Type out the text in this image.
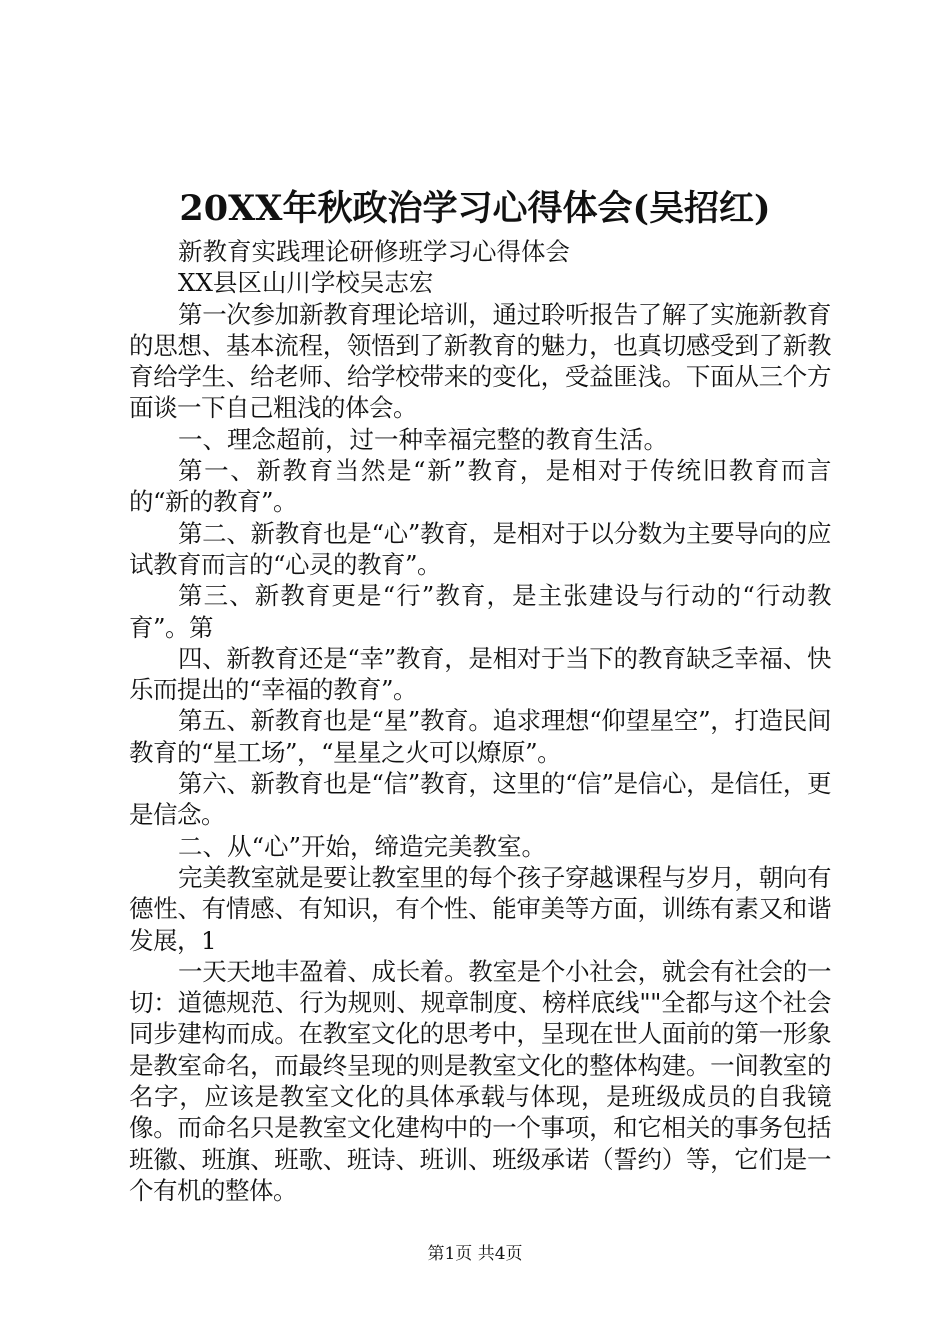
20XX年秋政治学习心得体会(吴招红)

新教育实践理论研修班学习心得体会

XX县区山川学校吴志宏

第一次参加新教育理论培训，通过聆听报告了解了实施新教育的思想、基本流程，领悟到了新教育的魅力，也真切感受到了新教育给学生、给老师、给学校带来的变化，受益匪浅。下面从三个方面谈一下自己粗浅的体会。

一、理念超前，过一种幸福完整的教育生活。

第一、新教育当然是“新”教育，是相对于传统旧教育而言的“新的教育”。

第二、新教育也是“心”教育，是相对于以分数为主要导向的应试教育而言的“心灵的教育”。

第三、新教育更是“行”教育，是主张建设与行动的“行动教育”。第

四、新教育还是“幸”教育，是相对于当下的教育缺乏幸福、快乐而提出的“幸福的教育”。

第五、新教育也是“星”教育。追求理想“仰望星空”，打造民间教育的“星工场”，“星星之火可以燎原”。

第六、新教育也是“信”教育，这里的“信”是信心，是信任，更是信念。

二、从“心”开始，缔造完美教室。

完美教室就是要让教室里的每个孩子穿越课程与岁月，朝向有德性、有情感、有知识，有个性、能审美等方面，训练有素又和谐发展，1

一天天地丰盈着、成长着。教室是个小社会，就会有社会的一切：道德规范、行为规则、规章制度、榜样底线""全都与这个社会同步建构而成。在教室文化的思考中，呈现在世人面前的第一形象是教室命名，而最终呈现的则是教室文化的整体构建。一间教室的名字，应该是教室文化的具体承载与体现，是班级成员的自我镜像。而命名只是教室文化建构中的一个事项，和它相关的事务包括班徽、班旗、班歌、班诗、班训、班级承诺（誓约）等，它们是一个有机的整体。

第1页 共4页
